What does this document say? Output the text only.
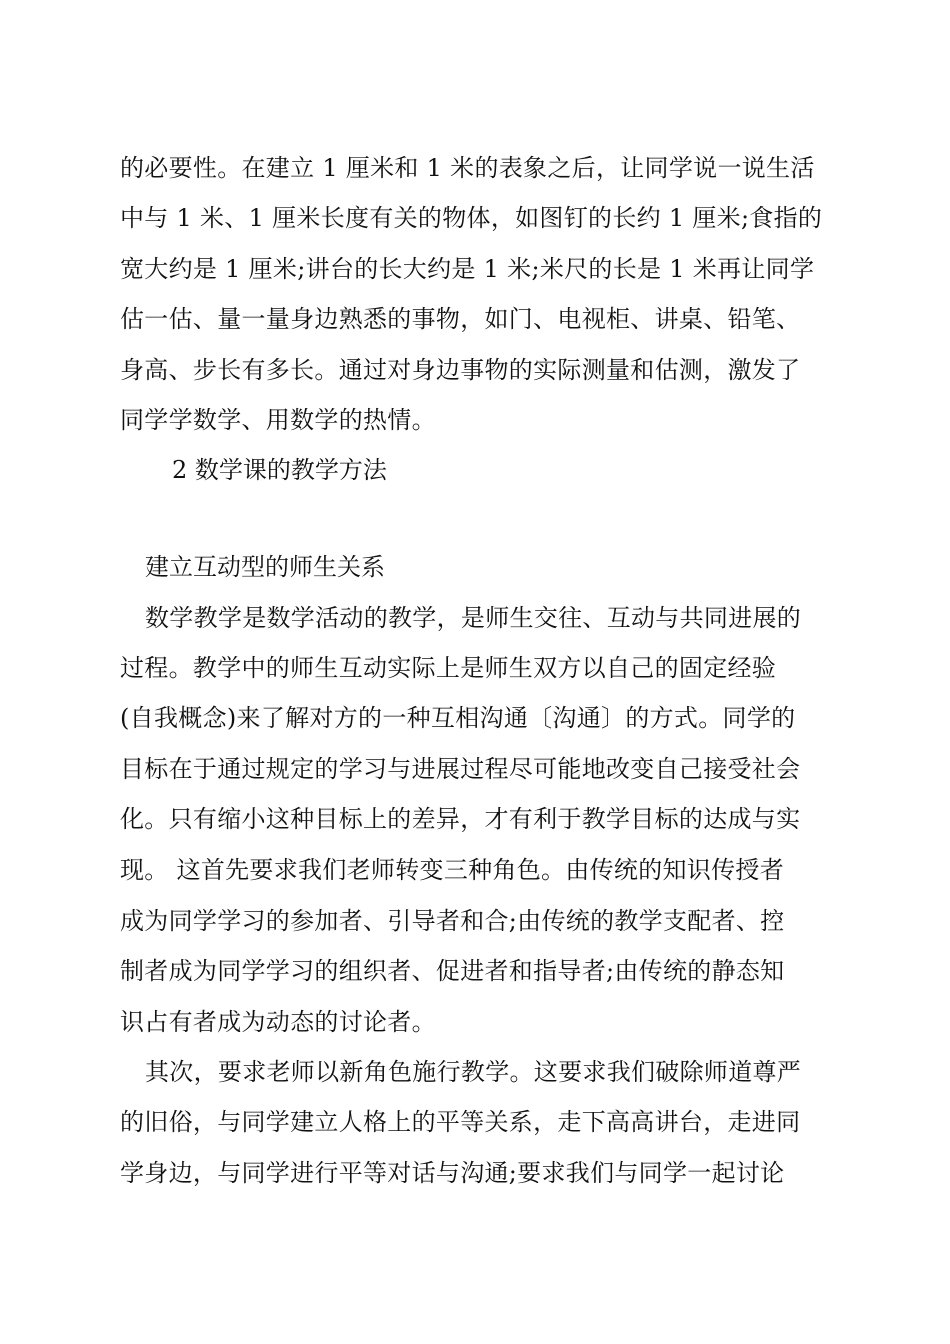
的必要性。在建立 1 厘米和 1 米的表象之后，让同学说一说生活
中与 1 米、1 厘米长度有关的物体，如图钉的长约 1 厘米;食指的
宽大约是 1 厘米;讲台的长大约是 1 米;米尺的长是 1 米再让同学
估一估、量一量身边熟悉的事物，如门、电视柜、讲桌、铅笔、
身高、步长有多长。通过对身边事物的实际测量和估测，激发了
同学学数学、用数学的热情。
2 数学课的教学方法
建立互动型的师生关系
数学教学是数学活动的教学，是师生交往、互动与共同进展的
过程。教学中的师生互动实际上是师生双方以自己的固定经验
(自我概念)来了解对方的一种互相沟通〔沟通〕的方式。同学的
目标在于通过规定的学习与进展过程尽可能地改变自己接受社会
化。只有缩小这种目标上的差异，才有利于教学目标的达成与实
现。 这首先要求我们老师转变三种角色。由传统的知识传授者
成为同学学习的参加者、引导者和合;由传统的教学支配者、控
制者成为同学学习的组织者、促进者和指导者;由传统的静态知
识占有者成为动态的讨论者。
其次，要求老师以新角色施行教学。这要求我们破除师道尊严
的旧俗，与同学建立人格上的平等关系，走下高高讲台，走进同
学身边，与同学进行平等对话与沟通;要求我们与同学一起讨论
